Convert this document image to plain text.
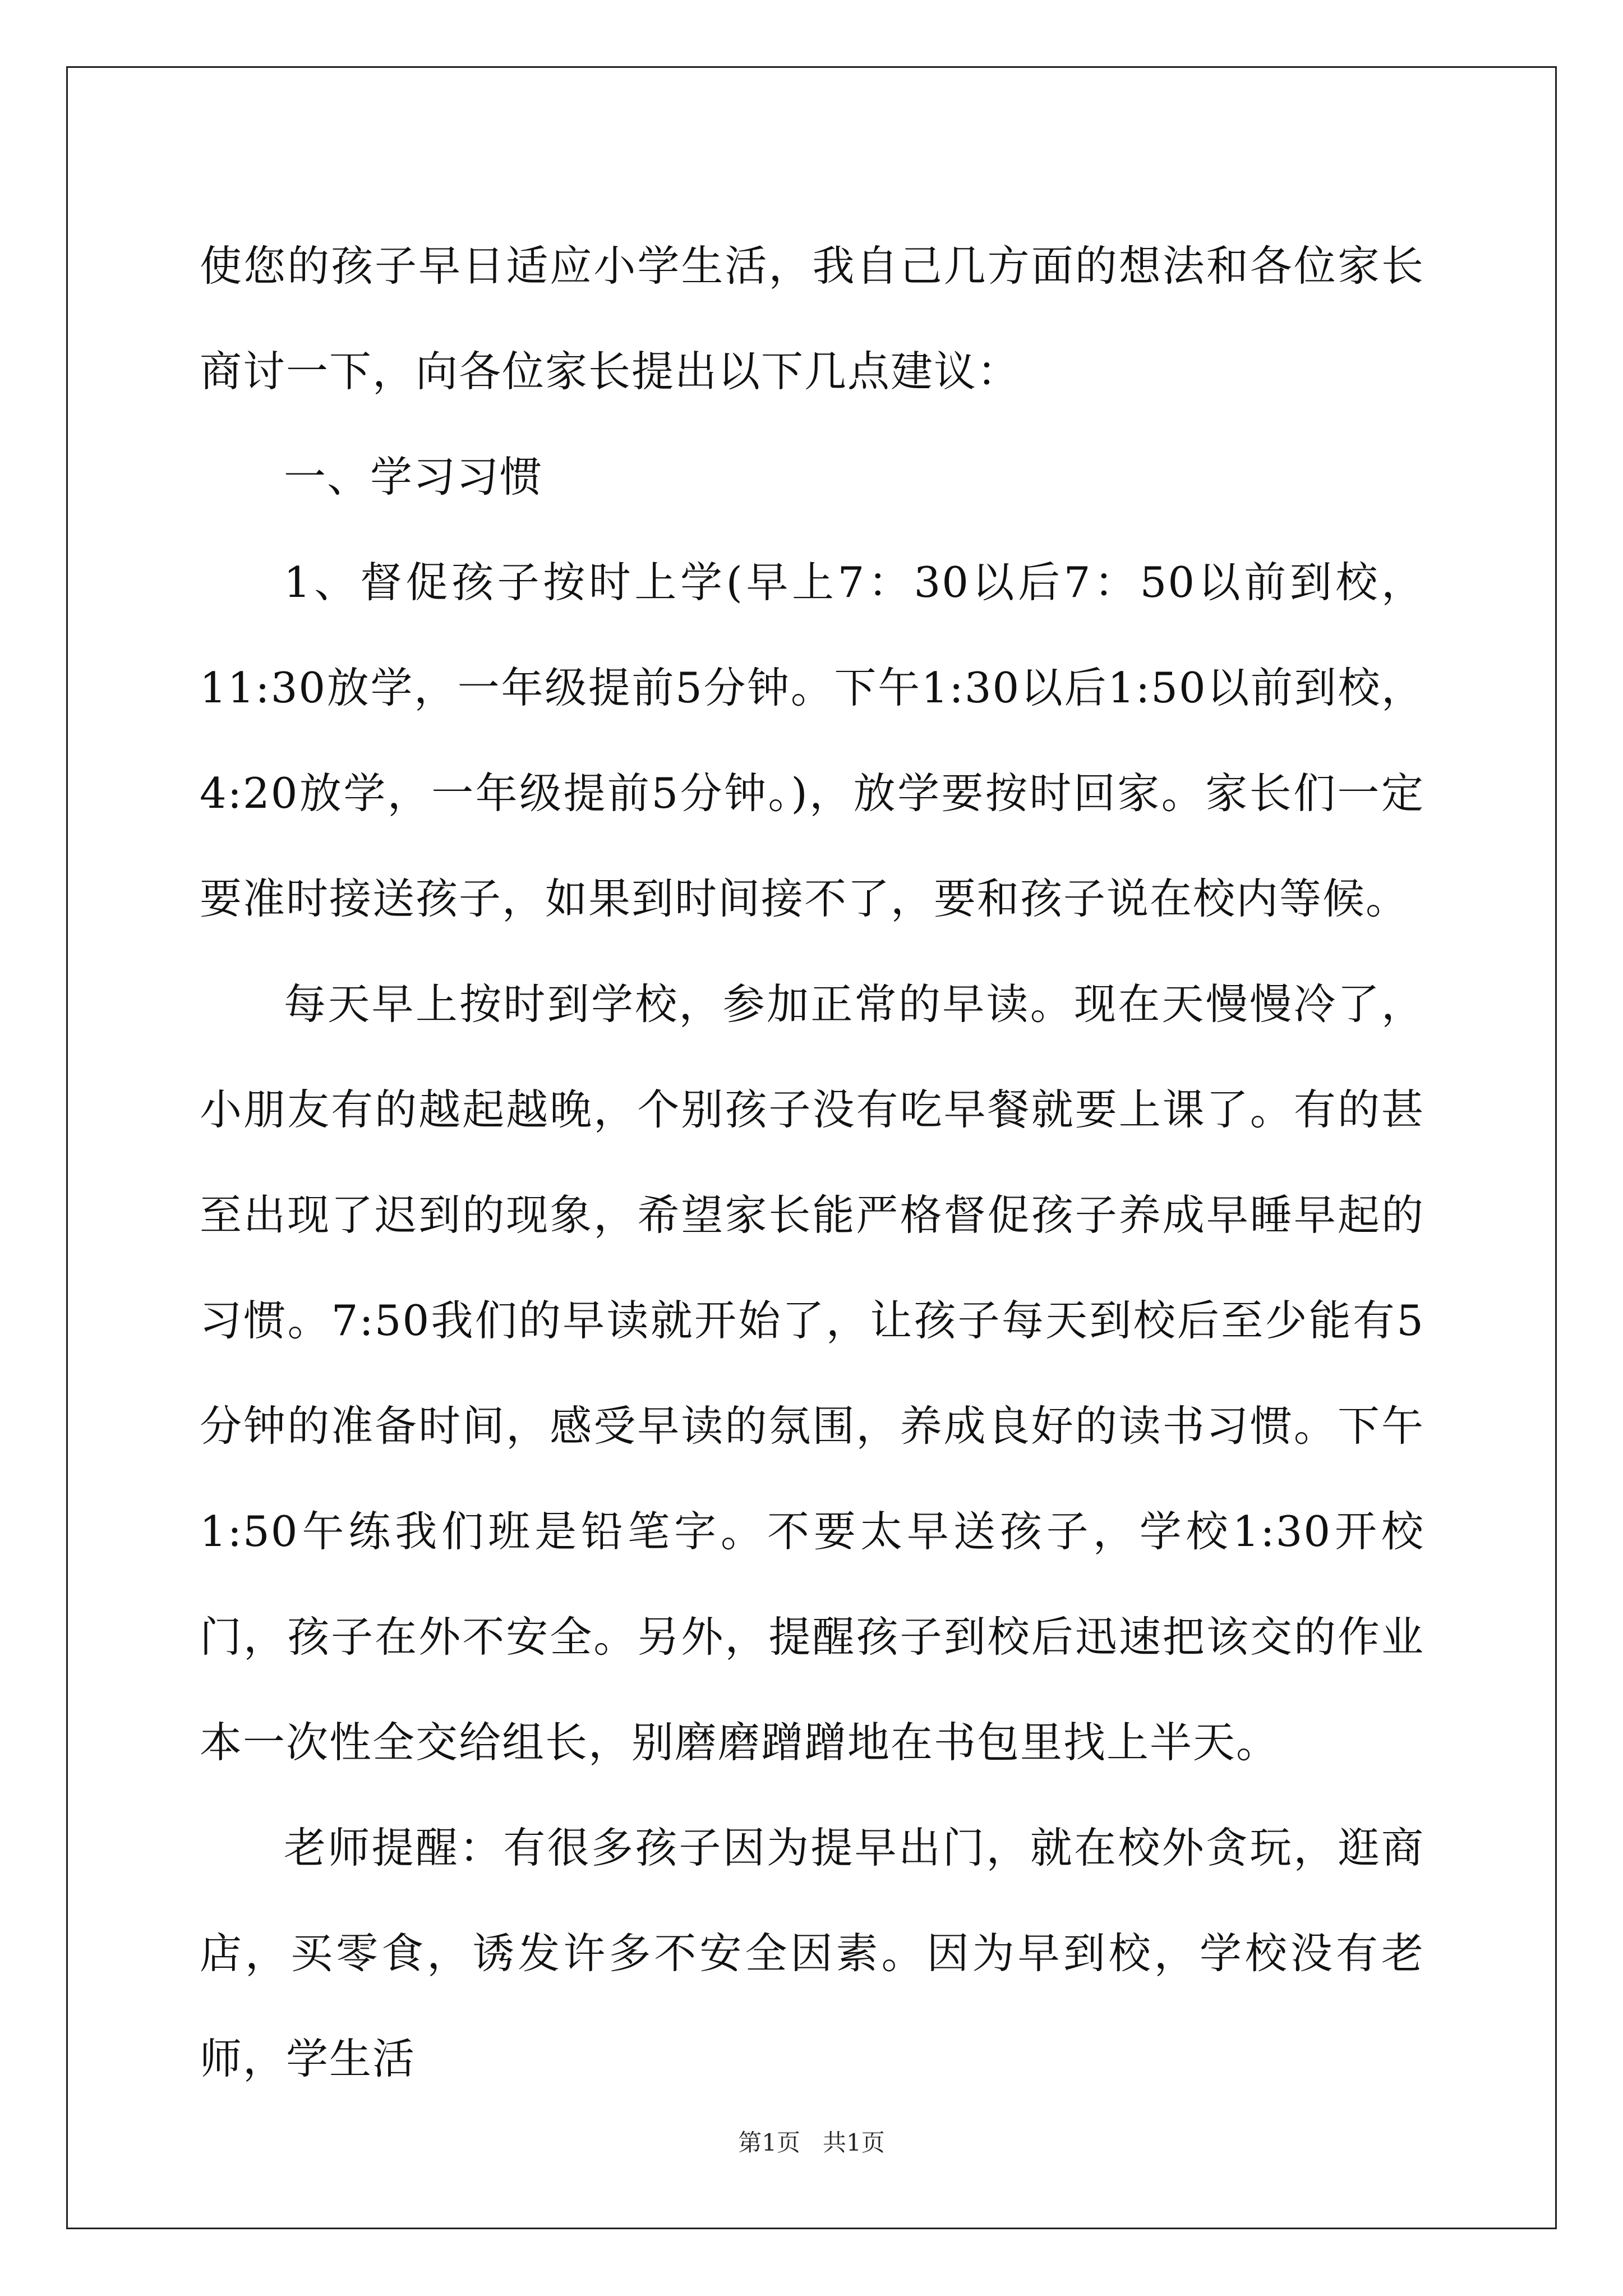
使您的孩子早日适应小学生活，我自己几方面的想法和各位家长商讨一下，向各位家长提出以下几点建议：

一、学习习惯

1、督促孩子按时上学(早上7：30以后7：50以前到校，11:30放学，一年级提前5分钟。下午1:30以后1:50以前到校，4:20放学，一年级提前5分钟。)，放学要按时回家。家长们一定要准时接送孩子，如果到时间接不了，要和孩子说在校内等候。

每天早上按时到学校，参加正常的早读。现在天慢慢冷了，小朋友有的越起越晚，个别孩子没有吃早餐就要上课了。有的甚至出现了迟到的现象，希望家长能严格督促孩子养成早睡早起的习惯。7:50我们的早读就开始了，让孩子每天到校后至少能有5分钟的准备时间，感受早读的氛围，养成良好的读书习惯。下午1:50午练我们班是铅笔字。不要太早送孩子，学校1:30开校门，孩子在外不安全。另外，提醒孩子到校后迅速把该交的作业本一次性全交给组长，别磨磨蹭蹭地在书包里找上半天。

老师提醒：有很多孩子因为提早出门，就在校外贪玩，逛商店，买零食，诱发许多不安全因素。因为早到校，学校没有老师，学生活

第1页   共1页
